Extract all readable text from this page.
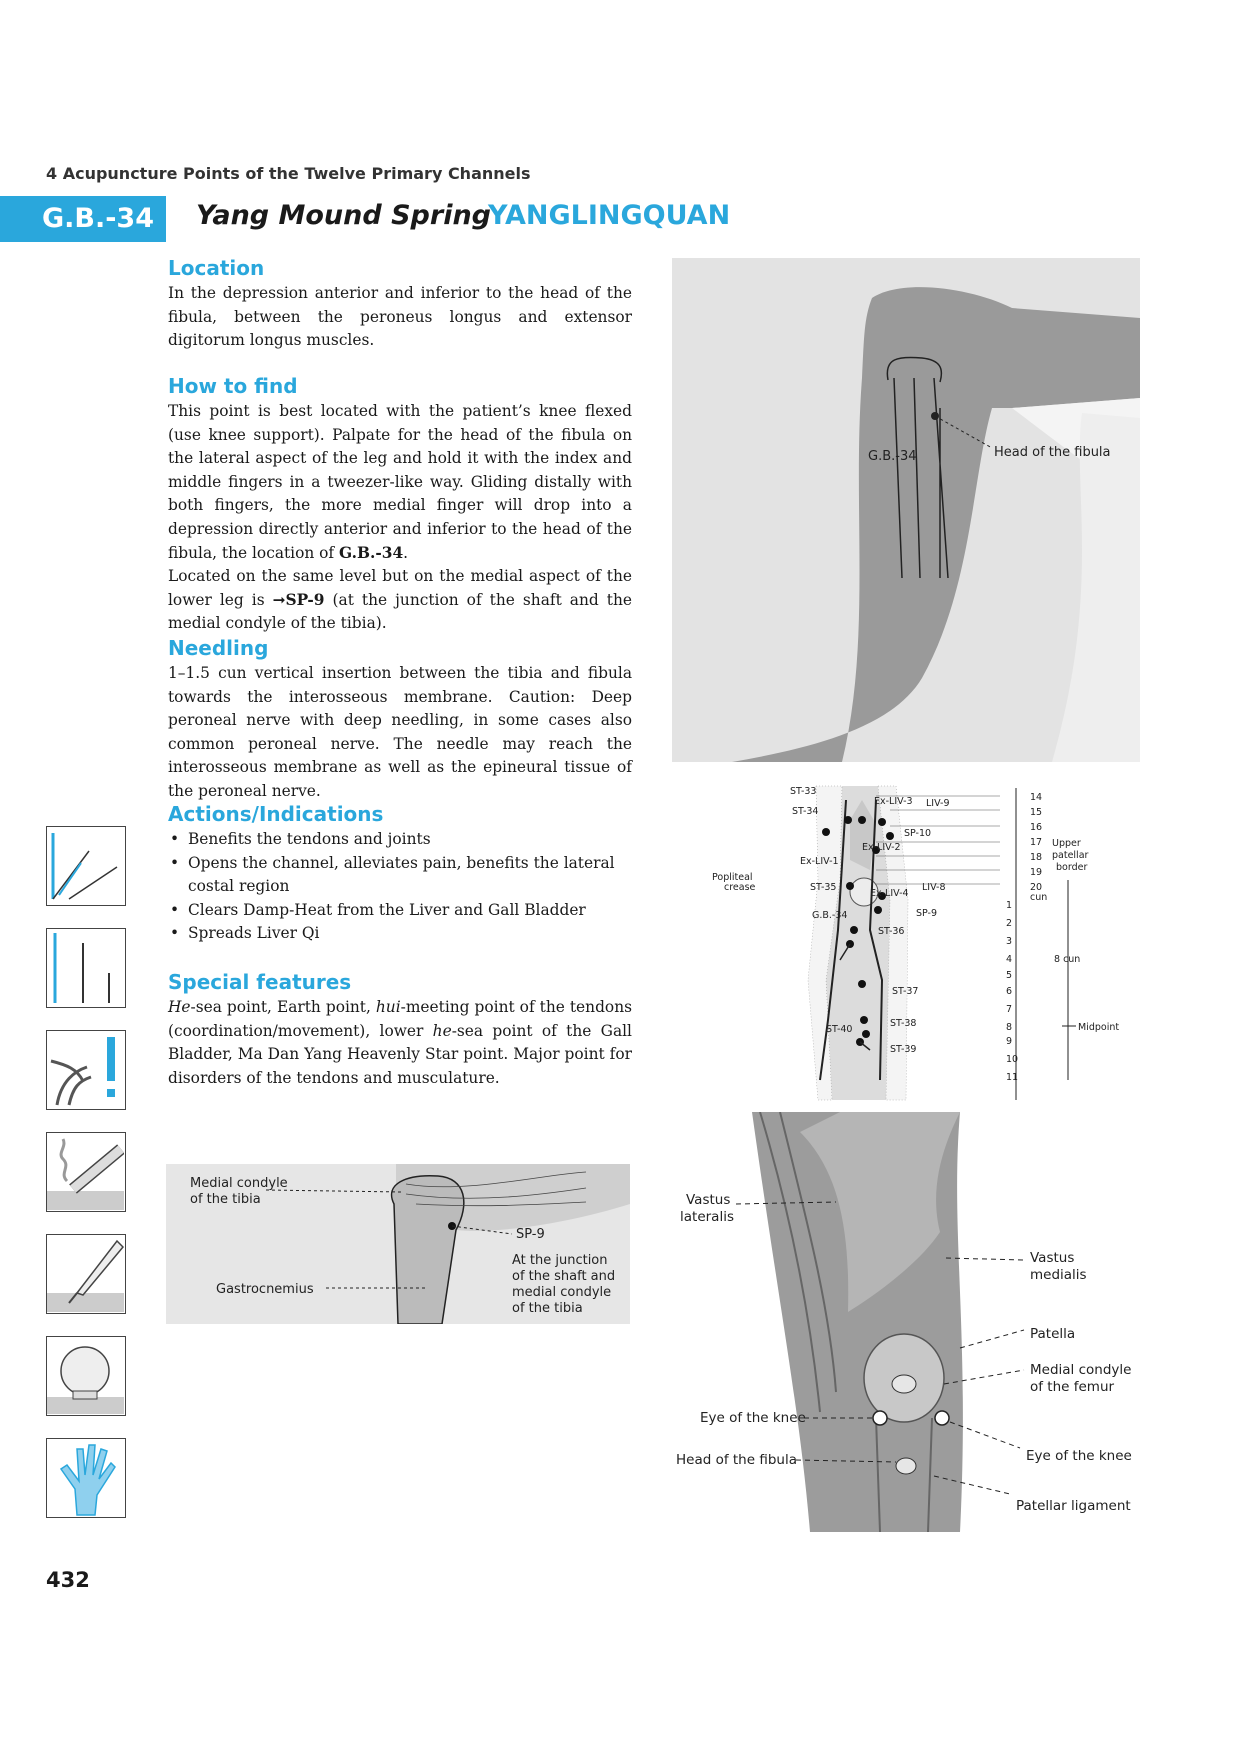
4 Acupuncture Points of the Twelve Primary Channels
G.B.-34	Yang Mound Spring
YANGLINGQUAN
Location
In the depression anterior and inferior to the head of the fibula, between the peroneus longus and extensor digitorum longus muscles.
How to find

This point is best located with the patient’s knee flexed (use knee support). Palpate for the head of the fibula on the lateral aspect of the leg and hold it with the index and middle fingers in a tweezer-like way. Gliding distally with both fingers, the more medial finger will drop into a depression directly anterior and inferior to the head of the fibula, the location of G.B.-34.

Located on the same level but on the medial aspect of the lower leg is ➞SP-9 (at the junction of the shaft and the medial condyle of the tibia).

Needling
1–1.5 cun vertical insertion between the tibia and fibula towards the interosseous membrane. Caution: Deep peroneal nerve with deep needling, in some cases also common peroneal nerve. The needle may reach the interosseous membrane as well as the epineural tissue of the peroneal nerve.
Actions/Indications
• Benefits the tendons and joints
• Opens the channel, alleviates pain, benefits the lateral costal region
• Clears Damp-Heat from the Liver and Gall Bladder
• Spreads Liver Qi
Special features
He-sea point, Earth point, hui-meeting point of the tendons (coordination/movement), lower he-sea point of the Gall Bladder, Ma Dan Yang Heavenly Star point. Major point for disorders of the tendons and musculature.
G.B.-34	Head of the fibula
ST-33
ST-34
Ex-LIV-1
Popliteal
crease	ST-35
G.B.-34
ST-40
Ex-LIV-3 LIV-9
SP-10
Ex-LIV-2
LIV-8
Ex-LIV-4
SP-9
ST-36
ST-37
ST-38
ST-39
14
15
16
17
18
19
20
cun
1
2
3
4
5
6
7
8
9
10
11
Upper
patellar
border
8 cun
Midpoint
Medial condyle
of the tibia
SP-9
At the junction
of the shaft and
medial condyle
of the tibia
Gastrocnemius
Vastus
lateralis
Vastus
medialis
Patella
Medial condyle
of the femur
Eye of the knee
Eye of the knee
Head of the fibula
Patellar ligament
432
